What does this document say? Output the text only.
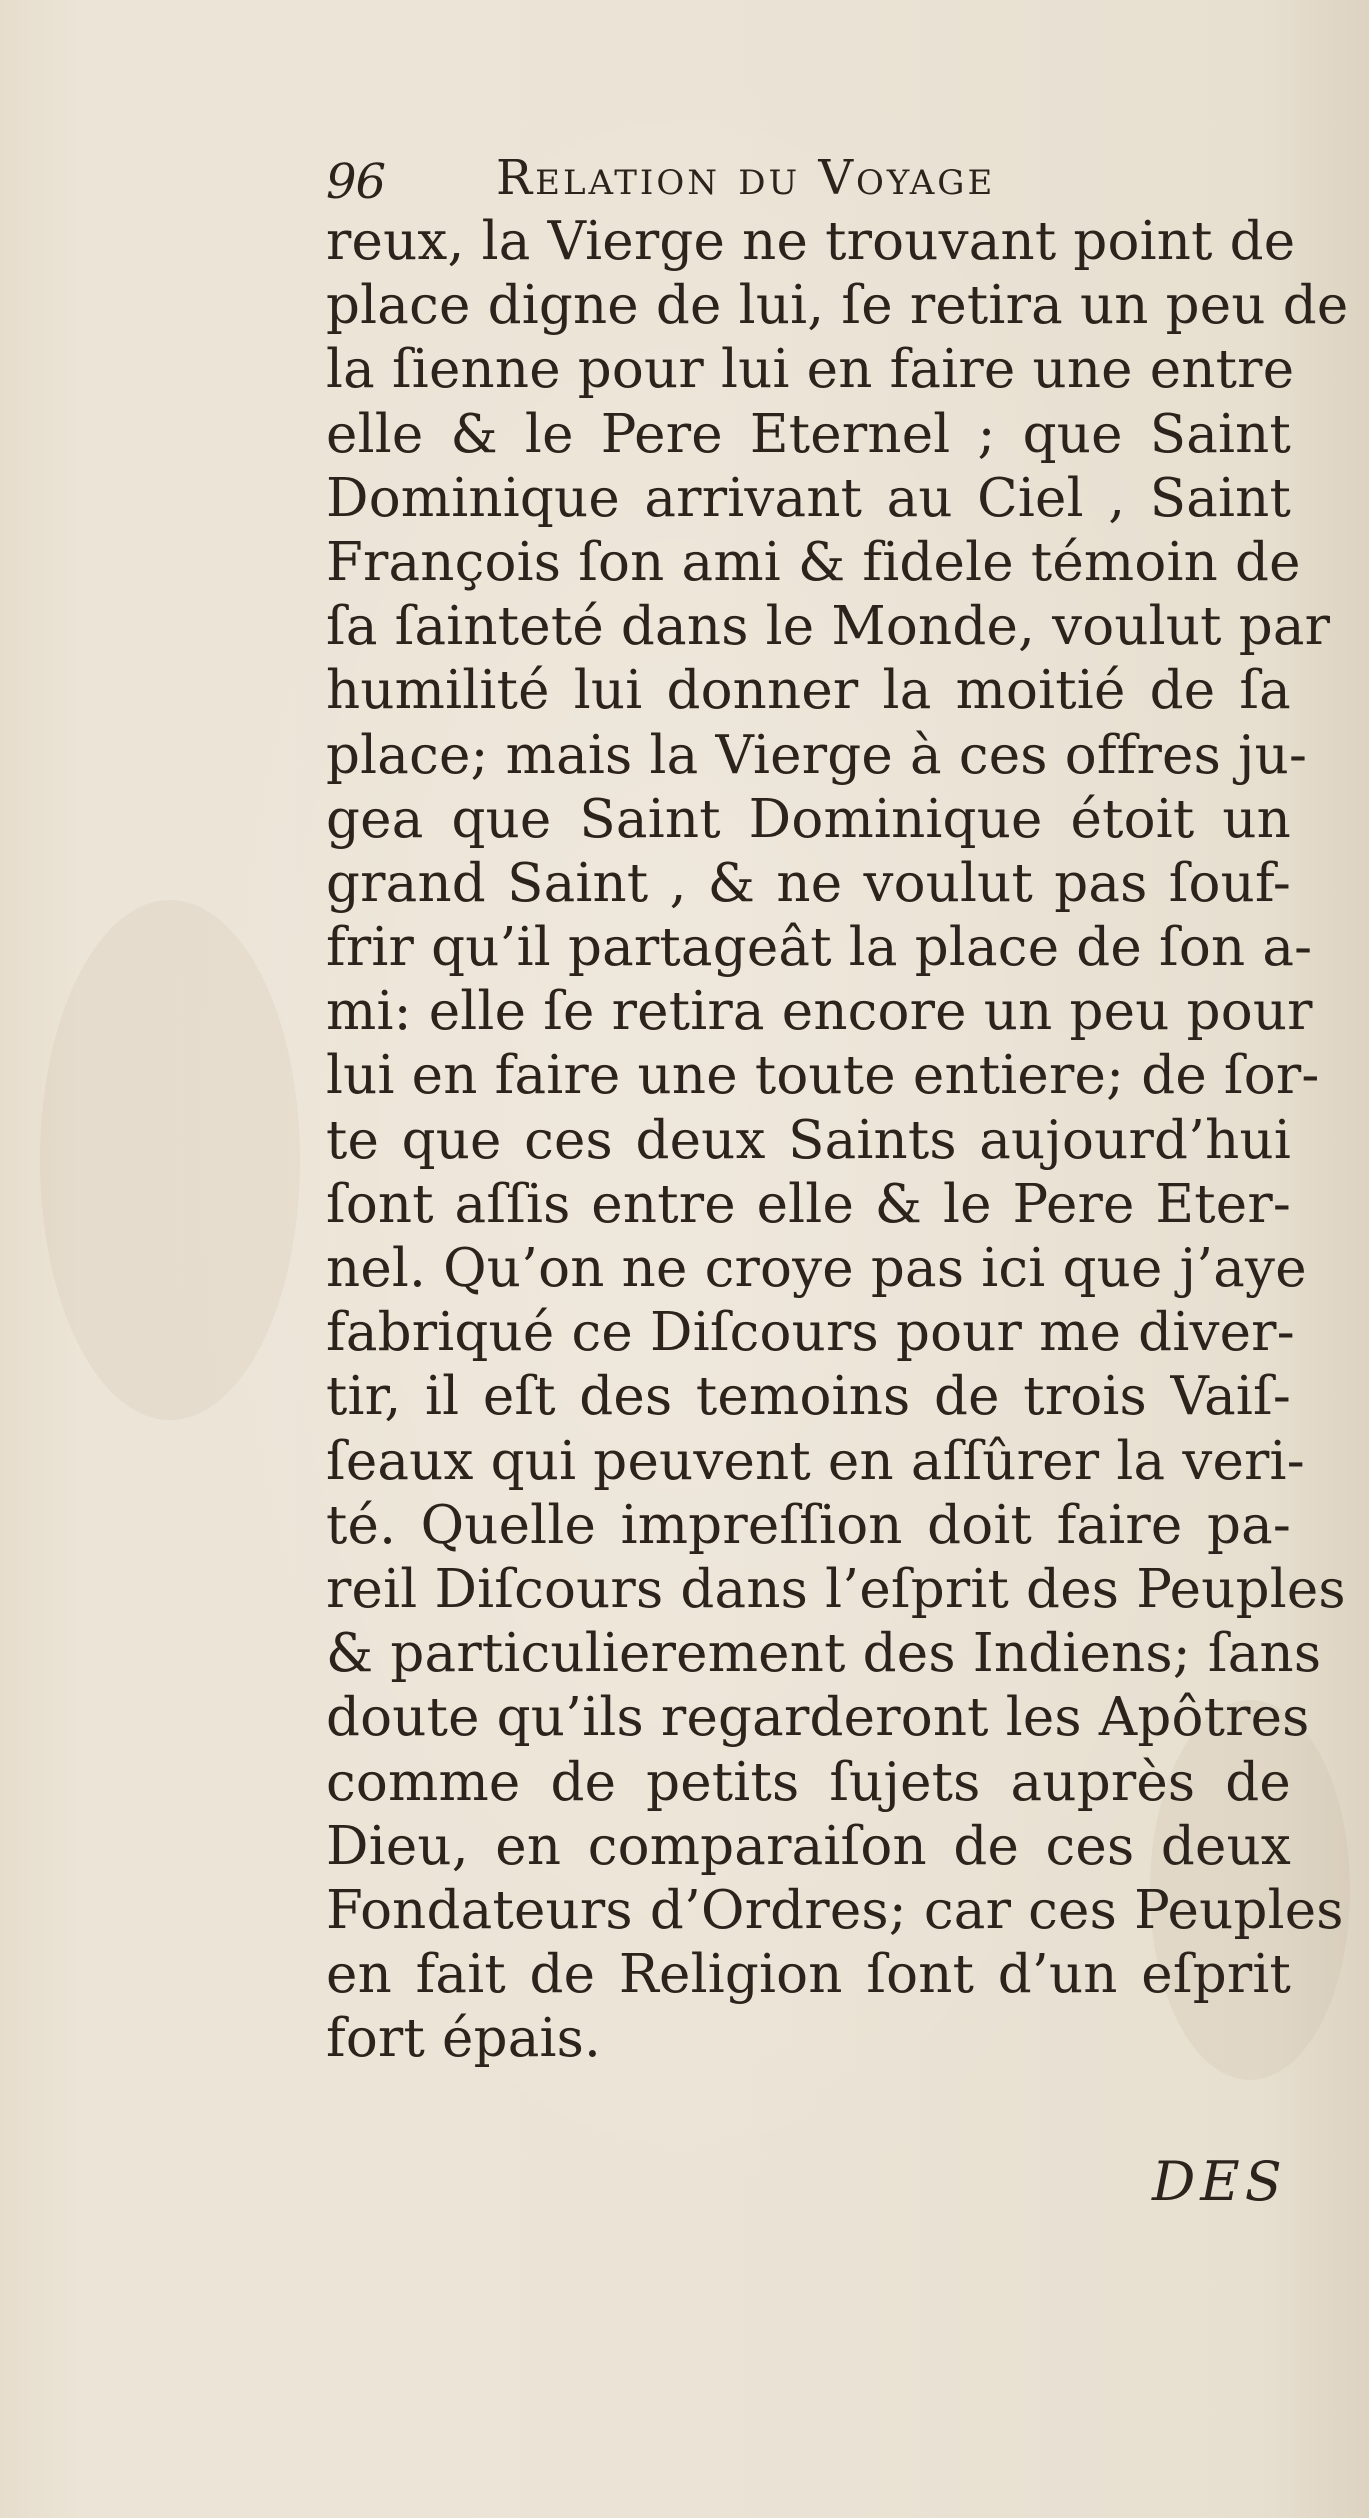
96 Relation du Voyage
reux, la Vierge ne trouvant point de
place digne de lui, ſe retira un peu de
la ſienne pour lui en faire une entre
elle & le Pere Eternel ; que Saint
Dominique arrivant au Ciel , Saint
François ſon ami & fidele témoin de
ſa ſainteté dans le Monde, voulut par
humilité lui donner la moitié de ſa
place; mais la Vierge à ces offres ju-
gea que Saint Dominique étoit un
grand Saint , & ne voulut pas ſouf-
frir qu’il partageât la place de ſon a-
mi: elle ſe retira encore un peu pour
lui en faire une toute entiere; de ſor-
te que ces deux Saints aujourd’hui
ſont aſſis entre elle & le Pere Eter-
nel. Qu’on ne croye pas ici que j’aye
fabriqué ce Diſcours pour me diver-
tir, il eſt des temoins de trois Vaiſ-
ſeaux qui peuvent en aſſûrer la veri-
té. Quelle impreſſion doit faire pa-
reil Diſcours dans l’eſprit des Peuples
& particulierement des Indiens; ſans
doute qu’ils regarderont les Apôtres
comme de petits ſujets auprès de
Dieu, en comparaiſon de ces deux
Fondateurs d’Ordres; car ces Peuples
en fait de Religion ſont d’un eſprit
fort épais.
DES
